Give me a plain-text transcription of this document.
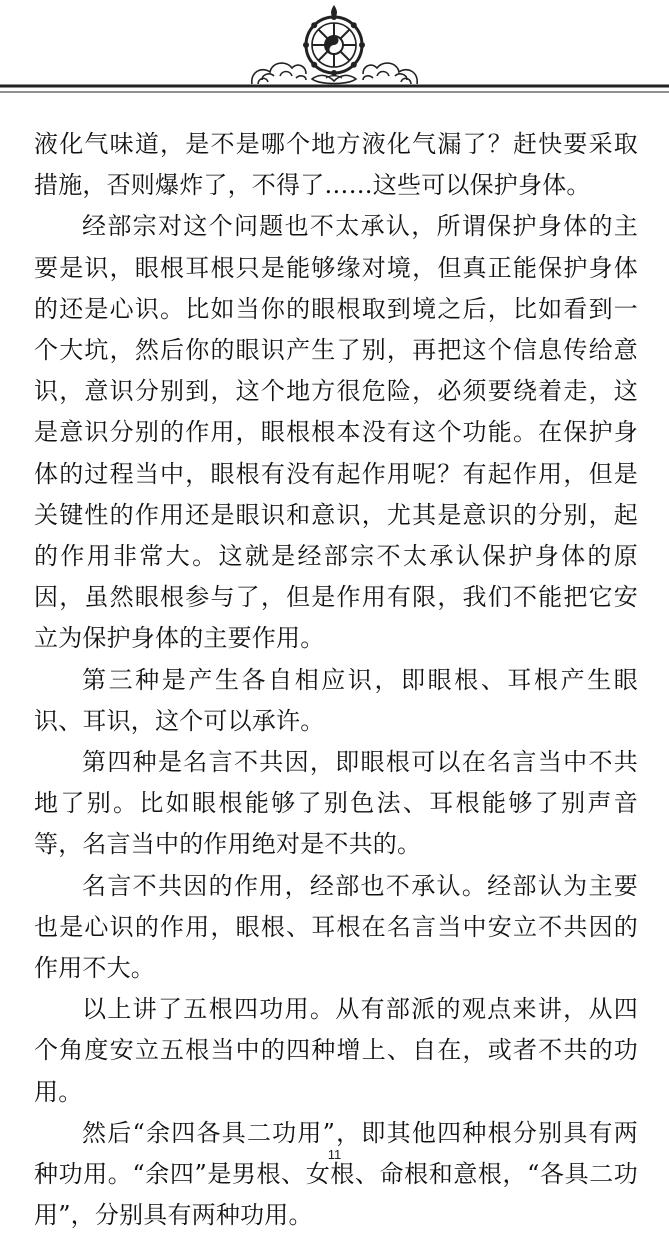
液化气味道，是不是哪个地方液化气漏了？赶快要采取措施，否则爆炸了，不得了……这些可以保护身体。

经部宗对这个问题也不太承认，所谓保护身体的主要是识，眼根耳根只是能够缘对境，但真正能保护身体的还是心识。比如当你的眼根取到境之后，比如看到一个大坑，然后你的眼识产生了别，再把这个信息传给意识，意识分别到，这个地方很危险，必须要绕着走，这是意识分别的作用，眼根根本没有这个功能。在保护身体的过程当中，眼根有没有起作用呢？有起作用，但是关键性的作用还是眼识和意识，尤其是意识的分别，起的作用非常大。这就是经部宗不太承认保护身体的原因，虽然眼根参与了，但是作用有限，我们不能把它安立为保护身体的主要作用。

第三种是产生各自相应识，即眼根、耳根产生眼识、耳识，这个可以承许。

第四种是名言不共因，即眼根可以在名言当中不共地了别。比如眼根能够了别色法、耳根能够了别声音等，名言当中的作用绝对是不共的。

名言不共因的作用，经部也不承认。经部认为主要也是心识的作用，眼根、耳根在名言当中安立不共因的作用不大。

以上讲了五根四功用。从有部派的观点来讲，从四个角度安立五根当中的四种增上、自在，或者不共的功用。

然后“余四各具二功用”，即其他四种根分别具有两种功用。“余四”是男根、女根、命根和意根，“各具二功用”，分别具有两种功用。

11
